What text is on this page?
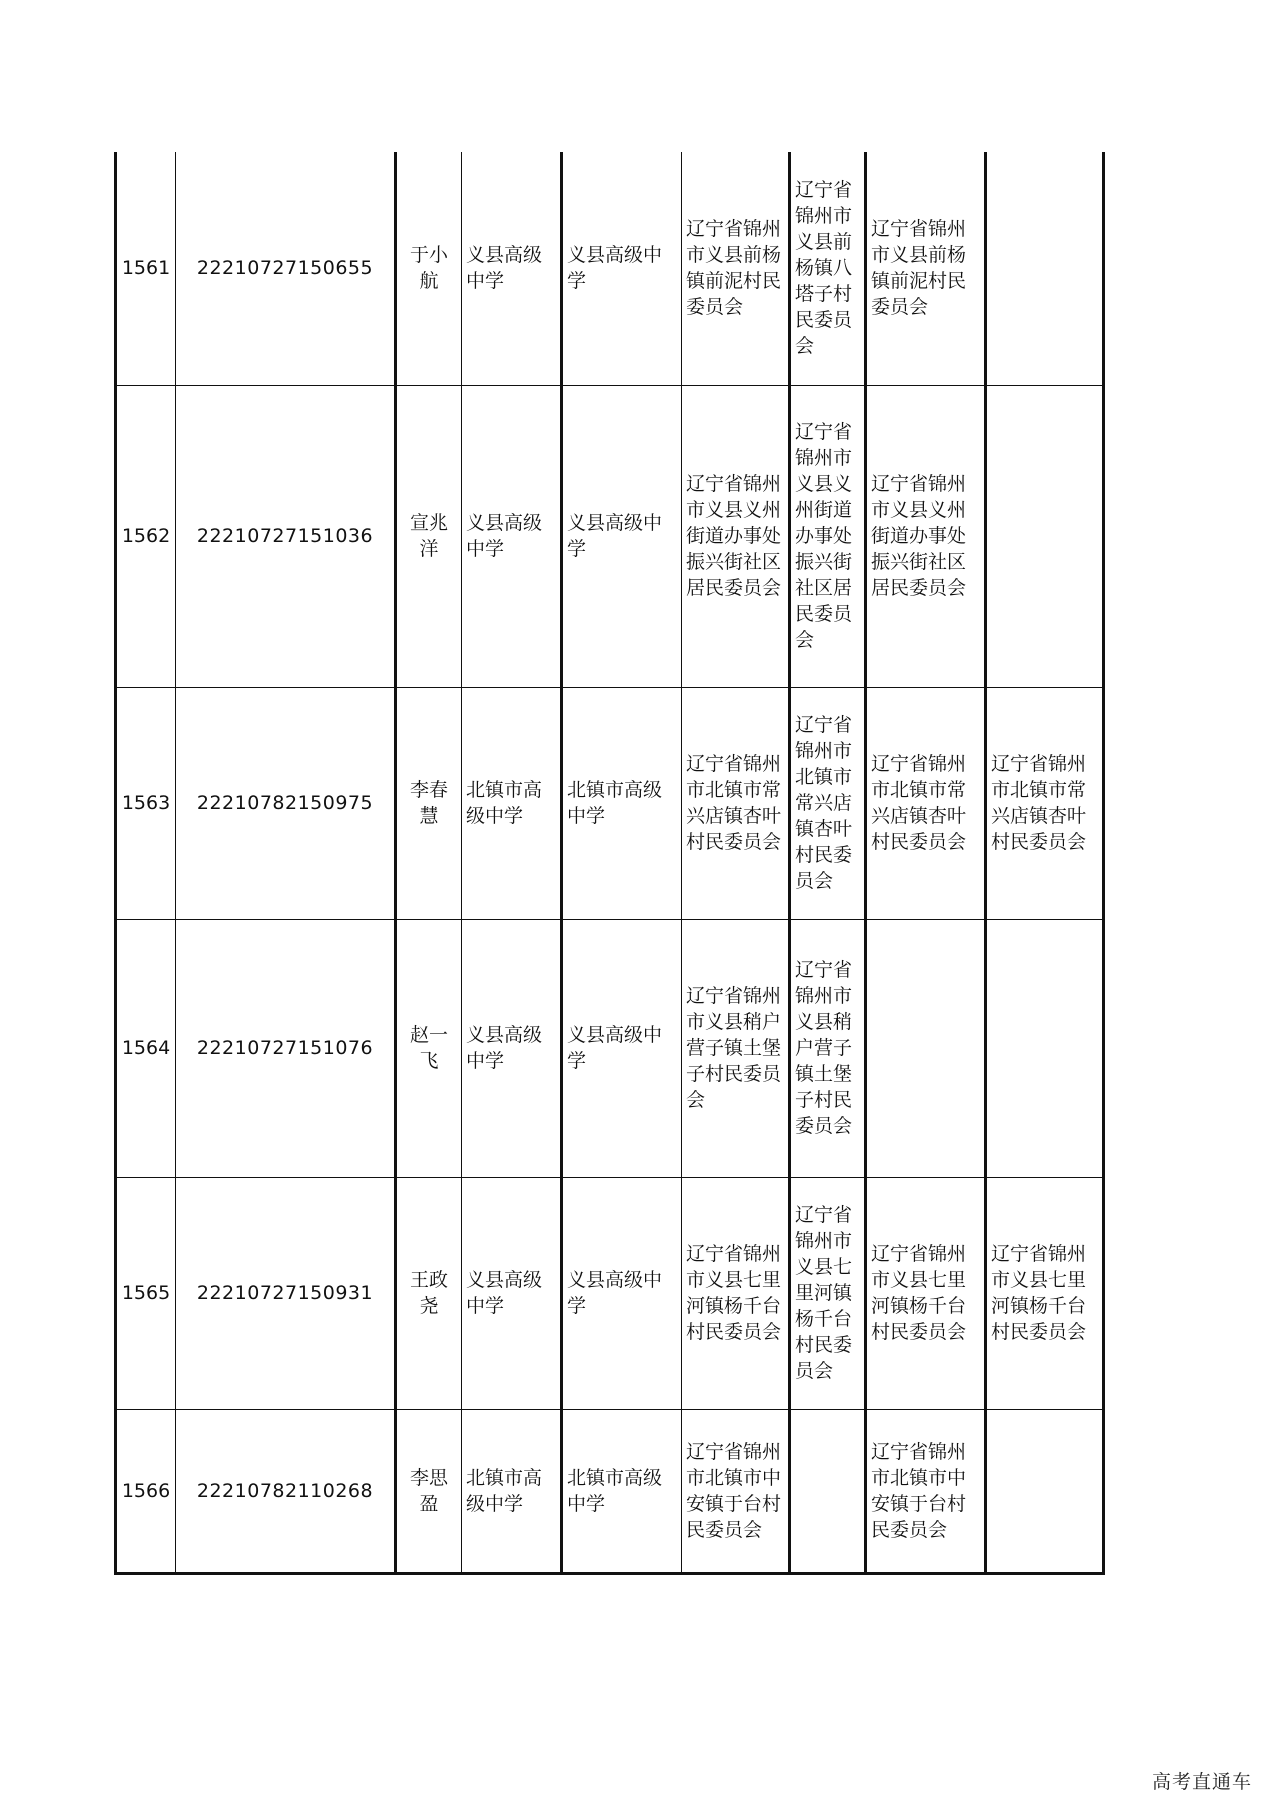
1561	22210727150655	于小航	义县高级中学	义县高级中学	辽宁省锦州市义县前杨镇前泥村民委员会	辽宁省锦州市义县前杨镇八塔子村民委员会	辽宁省锦州市义县前杨镇前泥村民委员会	
1562	22210727151036	宣兆洋	义县高级中学	义县高级中学	辽宁省锦州市义县义州街道办事处振兴街社区居民委员会	辽宁省锦州市义县义州街道办事处振兴街社区居民委员会	辽宁省锦州市义县义州街道办事处振兴街社区居民委员会	
1563	22210782150975	李春慧	北镇市高级中学	北镇市高级中学	辽宁省锦州市北镇市常兴店镇杏叶村民委员会	辽宁省锦州市北镇市常兴店镇杏叶村民委员会	辽宁省锦州市北镇市常兴店镇杏叶村民委员会	辽宁省锦州市北镇市常兴店镇杏叶村民委员会
1564	22210727151076	赵一飞	义县高级中学	义县高级中学	辽宁省锦州市义县稍户营子镇土堡子村民委员会	辽宁省锦州市义县稍户营子镇土堡子村民委员会		
1565	22210727150931	王政尧	义县高级中学	义县高级中学	辽宁省锦州市义县七里河镇杨千台村民委员会	辽宁省锦州市义县七里河镇杨千台村民委员会	辽宁省锦州市义县七里河镇杨千台村民委员会	辽宁省锦州市义县七里河镇杨千台村民委员会
1566	22210782110268	李思盈	北镇市高级中学	北镇市高级中学	辽宁省锦州市北镇市中安镇于台村民委员会		辽宁省锦州市北镇市中安镇于台村民委员会	
高考直通车
